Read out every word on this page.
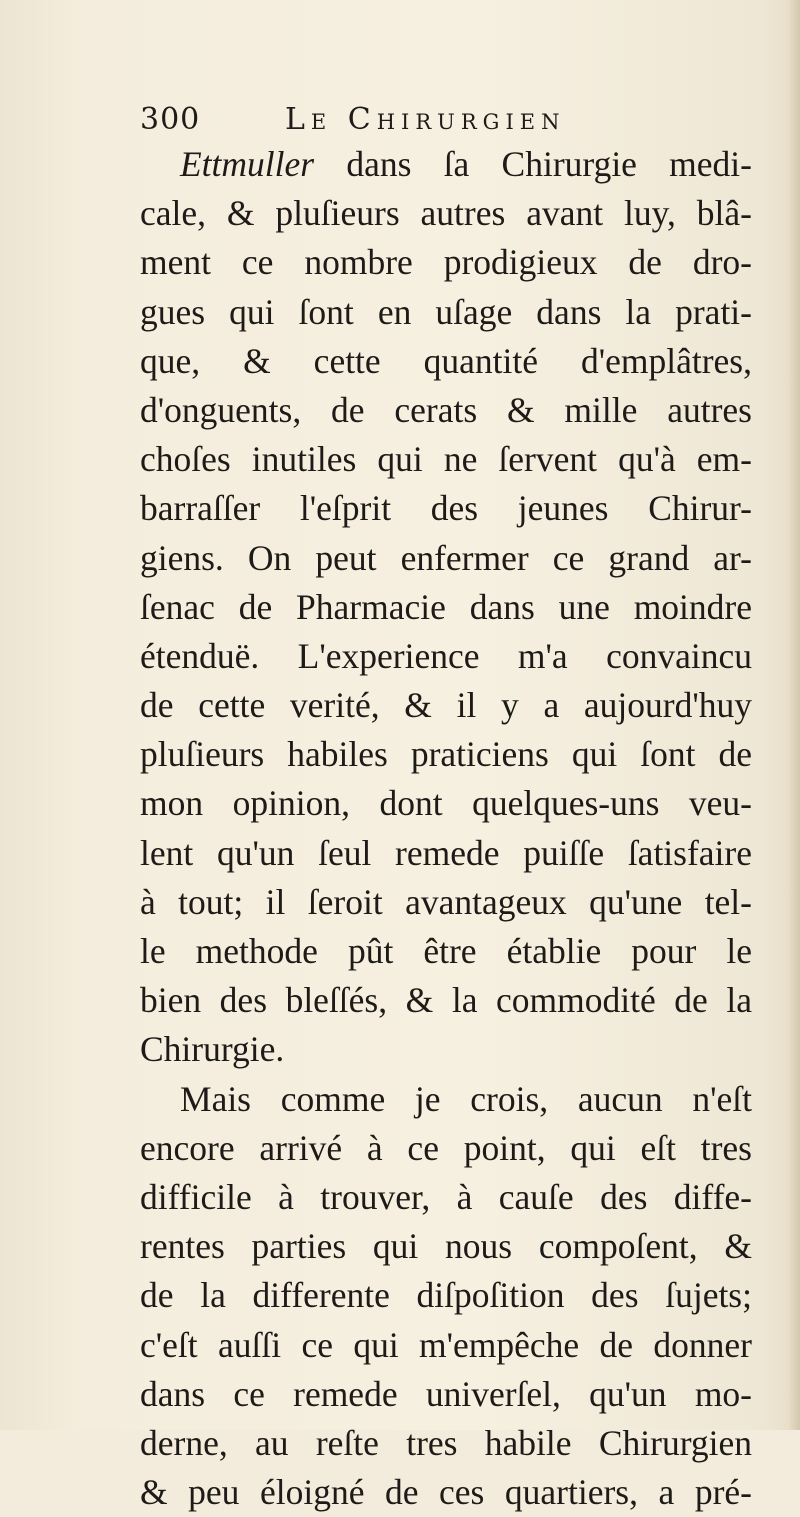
300	Le Chirurgien
Ettmuller dans ſa Chirurgie medi-
cale, & pluſieurs autres avant luy, blâ-
ment ce nombre prodigieux de dro-
gues qui ſont en uſage dans la prati-
que, & cette quantité d'emplâtres,
d'onguents, de cerats & mille autres
choſes inutiles qui ne ſervent qu'à em-
barraſſer l'eſprit des jeunes Chirur-
giens. On peut enfermer ce grand ar-
ſenac de Pharmacie dans une moindre
étenduë. L'experience m'a convaincu
de cette verité, & il y a aujourd'huy
pluſieurs habiles praticiens qui ſont de
mon opinion, dont quelques-uns veu-
lent qu'un ſeul remede puiſſe ſatisfaire
à tout; il ſeroit avantageux qu'une tel-
le methode pût être établie pour le
bien des bleſſés, & la commodité de la
Chirurgie.
Mais comme je crois, aucun n'eſt
encore arrivé à ce point, qui eſt tres
difficile à trouver, à cauſe des diffe-
rentes parties qui nous compoſent, &
de la differente diſpoſition des ſujets;
c'eſt auſſi ce qui m'empêche de donner
dans ce remede univerſel, qu'un mo-
derne, au reſte tres habile Chirurgien
& peu éloigné de ces quartiers, a pré-
